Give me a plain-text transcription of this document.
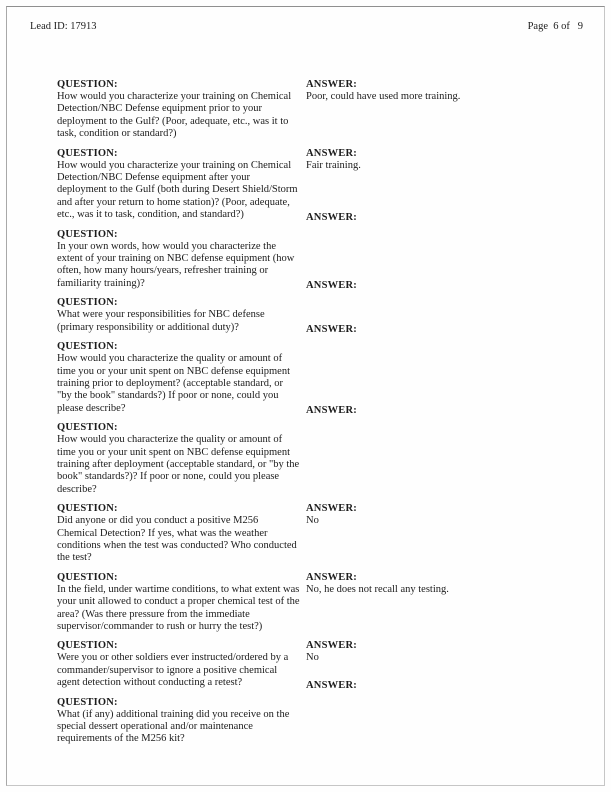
Lead ID: 17913	Page  6 of   9
QUESTION:
How would you characterize your training on Chemical Detection/NBC Defense equipment prior to your deployment to the Gulf? (Poor, adequate, etc., was it to task, condition or standard?)
ANSWER:
Poor, could have used more training.
QUESTION:
How would you characterize your training on Chemical Detection/NBC Defense equipment after your deployment to the Gulf (both during Desert Shield/Storm and after your return to home station)? (Poor, adequate, etc., was it to task, condition, and standard?)
ANSWER:
Fair training.
QUESTION:
In your own words, how would you characterize the extent of your training on NBC defense equipment (how often, how many hours/years, refresher training or familiarity training)?
ANSWER:
QUESTION:
What were your responsibilities for NBC defense (primary responsibility or additional duty)?
ANSWER:
QUESTION:
How would you characterize the quality or amount of time you or your unit spent on NBC defense equipment training prior to deployment? (acceptable standard, or "by the book" standards?) If poor or none, could you please describe?
ANSWER:
QUESTION:
How would you characterize the quality or amount of time you or your unit spent on NBC defense equipment training after deployment (acceptable standard, or "by the book" standards?)? If poor or none, could you please describe?
ANSWER:
QUESTION:
Did anyone or did you conduct a positive M256 Chemical Detection? If yes, what was the weather conditions when the test was conducted? Who conducted the test?
ANSWER:
No
QUESTION:
In the field, under wartime conditions, to what extent was your unit allowed to conduct a proper chemical test of the area? (Was there pressure from the immediate supervisor/commander to rush or hurry the test?)
ANSWER:
No, he does not recall any testing.
QUESTION:
Were you or other soldiers ever instructed/ordered by a commander/supervisor to ignore a positive chemical agent detection without conducting a retest?
ANSWER:
No
QUESTION:
What (if any) additional training did you receive on the special dessert operational and/or maintenance requirements of the M256 kit?
ANSWER:
